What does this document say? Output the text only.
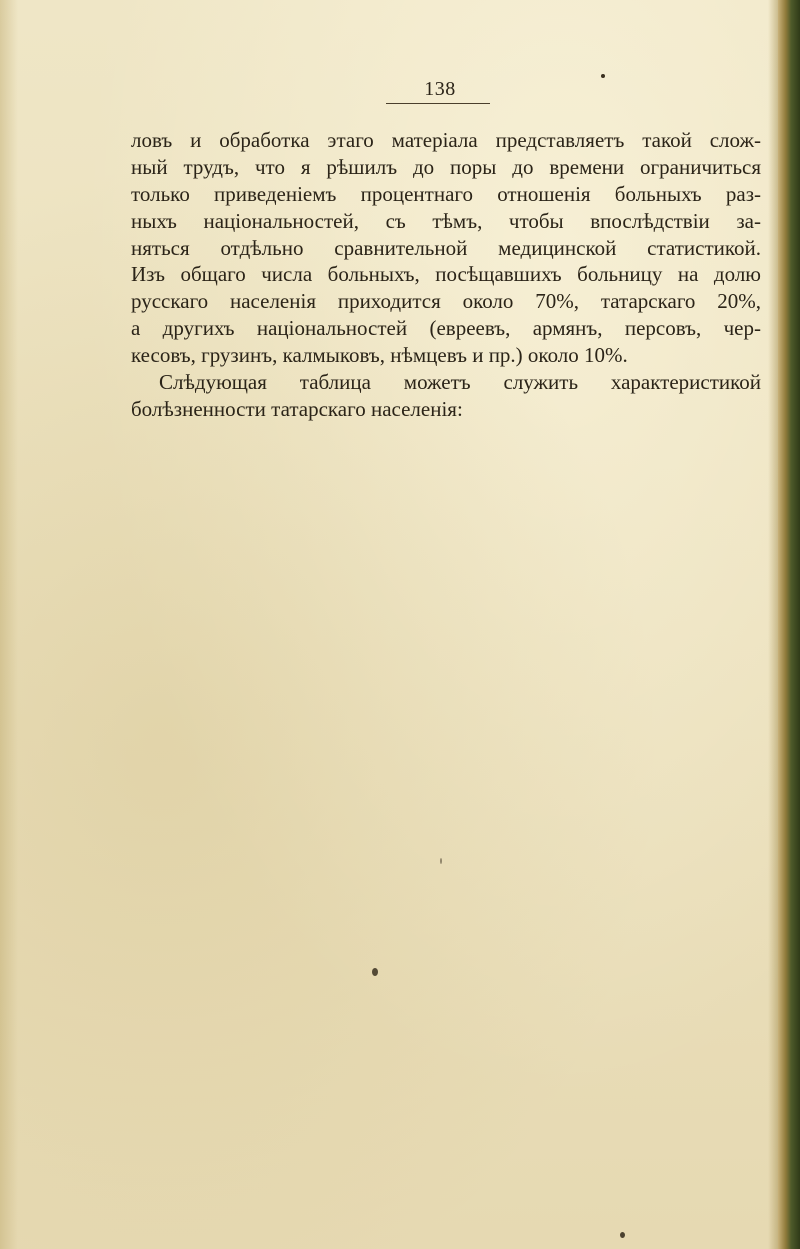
138
ловъ и обработка этаго матеріала представляетъ такой слож-
ный трудъ, что я рѣшилъ до поры до времени ограничиться
только приведеніемъ процентнаго отношенія больныхъ раз-
ныхъ національностей, съ тѣмъ, чтобы впослѣдствіи за-
няться отдѣльно сравнительной медицинской статистикой.
Изъ общаго числа больныхъ, посѣщавшихъ больницу на долю
русскаго населенія приходится около 70%, татарскаго 20%,
а другихъ національностей (евреевъ, армянъ, персовъ, чер-
кесовъ, грузинъ, калмыковъ, нѣмцевъ и пр.) около 10%.
Слѣдующая таблица можетъ служить характеристикой
болѣзненности татарскаго населенія:
